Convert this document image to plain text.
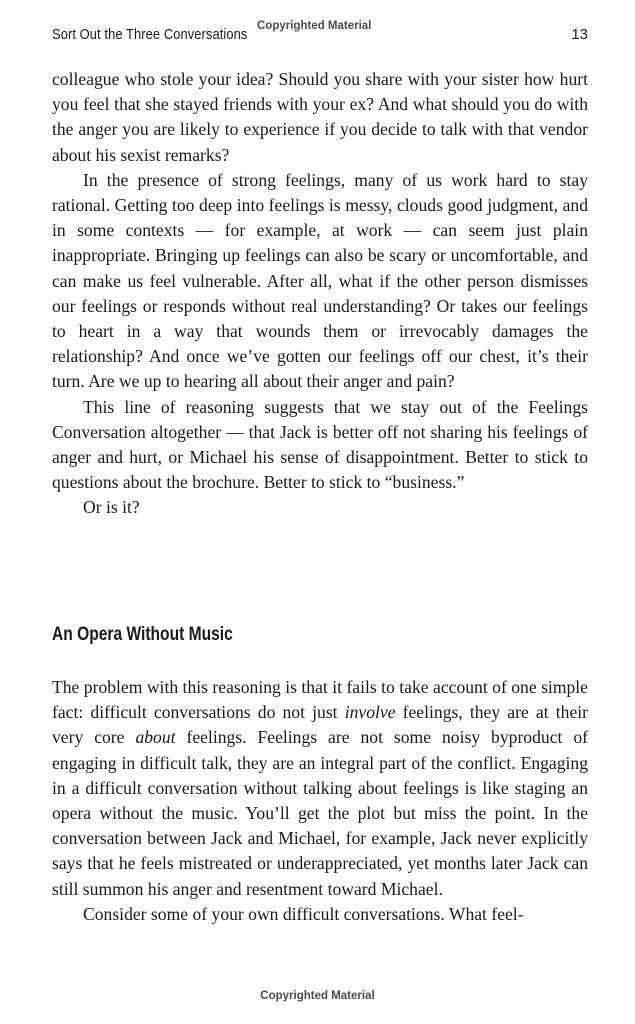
Sort Out the Three Conversations Copyrighted Material	13

colleague who stole your idea? Should you share with your sister how hurt you feel that she stayed friends with your ex? And what should you do with the anger you are likely to experience if you decide to talk with that vendor about his sexist remarks?

In the presence of strong feelings, many of us work hard to stay rational. Getting too deep into feelings is messy, clouds good judgment, and in some contexts — for example, at work — can seem just plain inappropriate. Bringing up feelings can also be scary or uncomfortable, and can make us feel vulnerable. After all, what if the other person dismisses our feelings or responds without real understanding? Or takes our feelings to heart in a way that wounds them or irrevocably damages the relationship? And once we’ve gotten our feelings off our chest, it’s their turn. Are we up to hearing all about their anger and pain?

This line of reasoning suggests that we stay out of the Feelings Conversation altogether — that Jack is better off not sharing his feelings of anger and hurt, or Michael his sense of disappointment. Better to stick to questions about the brochure. Better to stick to “business.”

Or is it?

An Opera Without Music

The problem with this reasoning is that it fails to take account of one simple fact: difficult conversations do not just involve feelings, they are at their very core about feelings. Feelings are not some noisy byproduct of engaging in difficult talk, they are an integral part of the conflict. Engaging in a difficult conversation without talking about feelings is like staging an opera without the music. You’ll get the plot but miss the point. In the conversation between Jack and Michael, for example, Jack never explicitly says that he feels mistreated or underappreciated, yet months later Jack can still summon his anger and resentment toward Michael.

Consider some of your own difficult conversations. What feel-

Copyrighted Material
